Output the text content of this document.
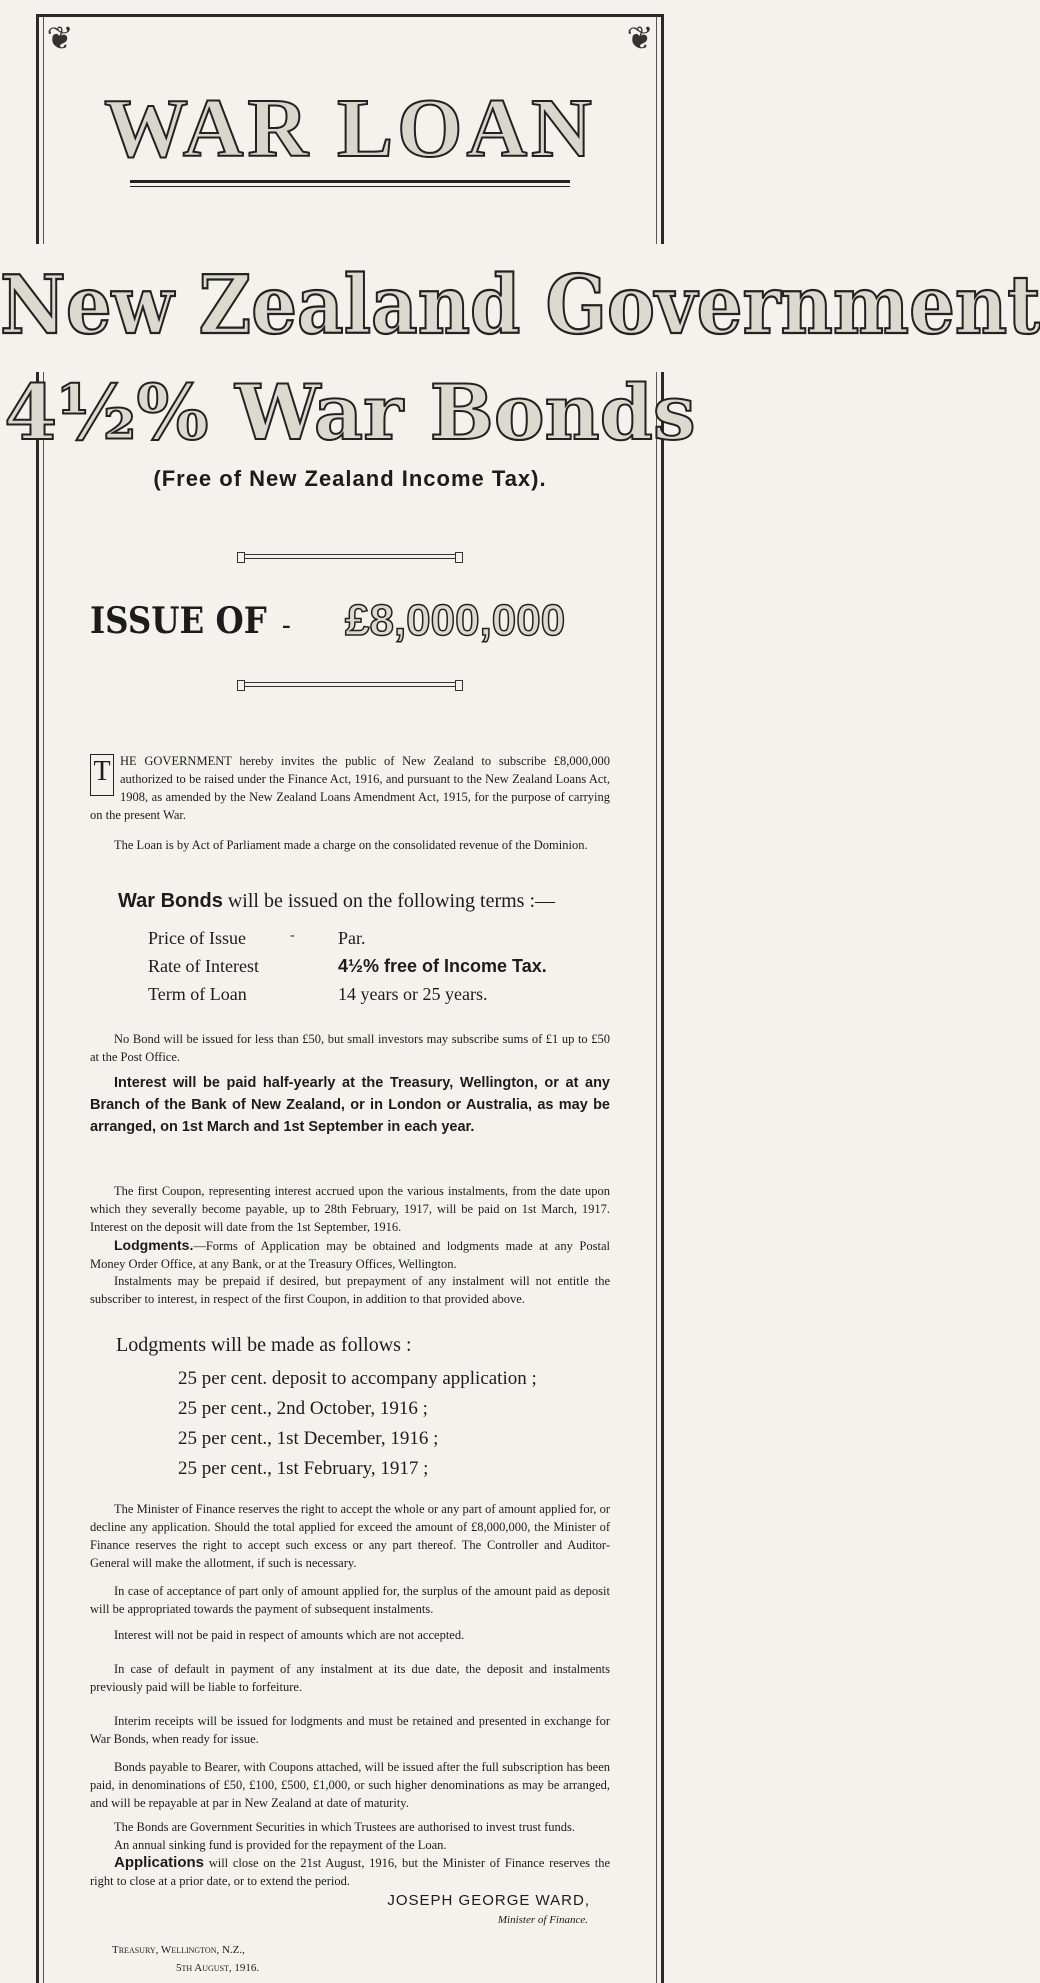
❦	❦
WAR LOAN
New Zealand Government
4½% War Bonds
(Free of New Zealand Income Tax).
ISSUE OF - £8,000,000
T HE GOVERNMENT hereby invites the public of New Zealand to subscribe £8,000,000 authorized to be raised under the Finance Act, 1916, and pursuant to the New Zealand Loans Act, 1908, as amended by the New Zealand Loans Amendment Act, 1915, for the purpose of carrying on the present War.
The Loan is by Act of Parliament made a charge on the consolidated revenue of the Dominion.
War Bonds will be issued on the following terms :—
Price of Issue	- Par.
Rate of Interest	4½% free of Income Tax.
Term of Loan	14 years or 25 years.
No Bond will be issued for less than £50, but small investors may subscribe sums of £1 up to £50 at the Post Office.
Interest will be paid half-yearly at the Treasury, Wellington, or at any Branch of the Bank of New Zealand, or in London or Australia, as may be arranged, on 1st March and 1st September in each year.
The first Coupon, representing interest accrued upon the various instalments, from the date upon which they severally become payable, up to 28th February, 1917, will be paid on 1st March, 1917. Interest on the deposit will date from the 1st September, 1916.
Lodgments.—Forms of Application may be obtained and lodgments made at any Postal Money Order Office, at any Bank, or at the Treasury Offices, Wellington.
Instalments may be prepaid if desired, but prepayment of any instalment will not entitle the subscriber to interest, in respect of the first Coupon, in addition to that provided above.
Lodgments will be made as follows :
25 per cent. deposit to accompany application ;
25 per cent., 2nd October, 1916 ;
25 per cent., 1st December, 1916 ;
25 per cent., 1st February, 1917 ;
The Minister of Finance reserves the right to accept the whole or any part of amount applied for, or decline any application. Should the total applied for exceed the amount of £8,000,000, the Minister of Finance reserves the right to accept such excess or any part thereof. The Controller and Auditor-General will make the allotment, if such is necessary.
In case of acceptance of part only of amount applied for, the surplus of the amount paid as deposit will be appropriated towards the payment of subsequent instalments.
Interest will not be paid in respect of amounts which are not accepted.
In case of default in payment of any instalment at its due date, the deposit and instalments previously paid will be liable to forfeiture.
Interim receipts will be issued for lodgments and must be retained and presented in exchange for War Bonds, when ready for issue.
Bonds payable to Bearer, with Coupons attached, will be issued after the full subscription has been paid, in denominations of £50, £100, £500, £1,000, or such higher denominations as may be arranged, and will be repayable at par in New Zealand at date of maturity.
The Bonds are Government Securities in which Trustees are authorised to invest trust funds.
An annual sinking fund is provided for the repayment of the Loan.
Applications will close on the 21st August, 1916, but the Minister of Finance reserves the right to close at a prior date, or to extend the period.
JOSEPH GEORGE WARD,
Minister of Finance.
Treasury, Wellington, N.Z.,
5th August, 1916.
